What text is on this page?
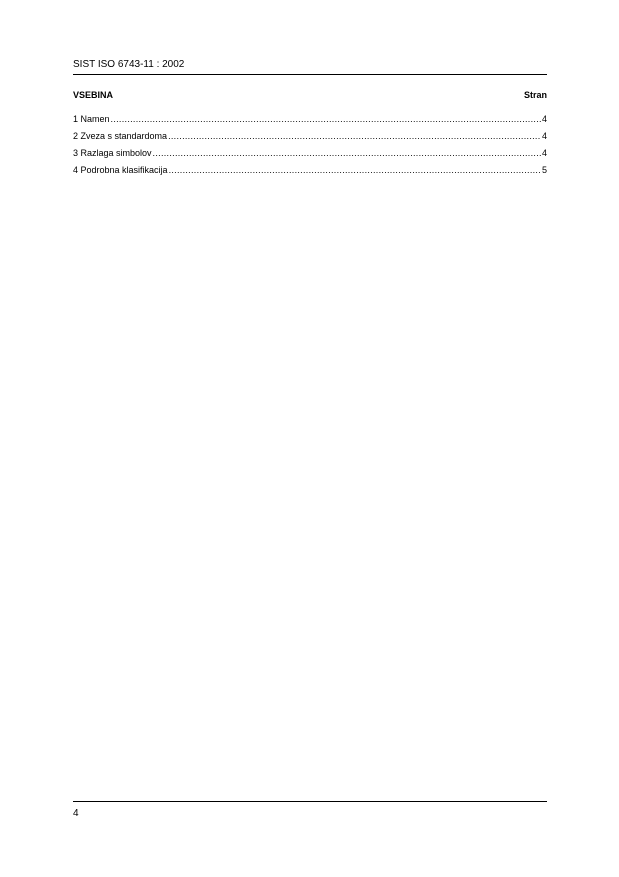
SIST ISO 6743-11 : 2002
VSEBINA	Stran
1 Namen .....	4
2 Zveza s standardoma .....	4
3 Razlaga simbolov .....	4
4 Podrobna klasifikacija .....	5
4
